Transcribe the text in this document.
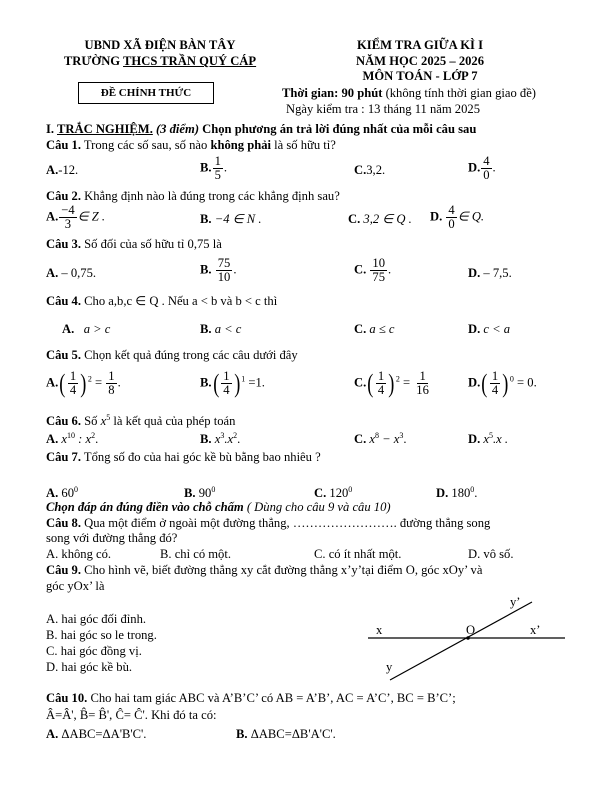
UBND XÃ ĐIỆN BÀN TÂY
TRƯỜNG THCS TRẦN QUÝ CÁP
ĐỀ CHÍNH THỨC
KIỂM TRA GIỮA KÌ I
NĂM HỌC 2025 – 2026
MÔN TOÁN - LỚP 7
Thời gian: 90 phút (không tính thời gian giao đề)
Ngày kiểm tra : 13 tháng 11 năm 2025
I. TRẮC NGHIỆM. (3 điểm) Chọn phương án trả lời đúng nhất của mỗi câu sau
Câu 1. Trong các số sau, số nào không phải là số hữu tỉ?
A.-12.	B. $\frac{1}{5}$ .	C.3,2.	D. $\frac{4}{0}$ .
Câu 2. Khẳng định nào là đúng trong các khẳng định sau?
A. $\frac{-4}{3}$ ∈ Z .	B. −4 ∈ N .	C. 3,2 ∈ Q . D. $\frac{4}{0}$ ∈ Q.
Câu 3. Số đối của số hữu tỉ 0,75 là
A. – 0,75.	B. $\frac{75}{10}$ .	C. $\frac{10}{75}$ .	D. – 7,5.
Câu 4. Cho a,b,c ∈ Q . Nếu a < b và b < c thì
A. a > c	B. a < c	C. a ≤ c	D. c < a
Câu 5. Chọn kết quả đúng trong các câu dưới đây
A. ( $\frac{1}{4}$ ) $^2 = \frac{1}{8}$ .	B. ( $\frac{1}{4}$ ) $^1$ =1.	C. ( $\frac{1}{4}$ ) $^2 = \frac{1}{16}$	D. ( $\frac{1}{4}$ ) $^0$ = 0.
Câu 6. Số $x^5$ là kết quả của phép toán
A. $x^{10}$ : $x^2$.	B. $x^3.x^2$.	C. $x^8 - x^3$.	D. $x^5.x$ .
Câu 7. Tổng số đo của hai góc kề bù bằng bao nhiêu ?
A. $60^0$	B. $90^0$	C. $120^0$	D. $180^0$.
Chọn đáp án đúng điền vào chỗ chấm ( Dùng cho câu 9 và câu 10)
Câu 8. Qua một điểm ở ngoài một đường thẳng, ……………………. đường thẳng song
song với đường thẳng đó?
A. không có.	B. chỉ có một.	C. có ít nhất một.	D. vô số.
Câu 9. Cho hình vẽ, biết đường thẳng xy cắt đường thẳng x’y’tại điểm O, góc xOy’ và
góc yOx’ là
A. hai góc đối đỉnh.
B. hai góc so le trong.
C. hai góc đồng vị.
D. hai góc kề bù.
y’
x	O	x’
y
Câu 10. Cho hai tam giác ABC và A’B’C’ có AB = A’B’, AC = A’C’, BC = B’C’;
Â=Â', B̂= B̂', Ĉ= Ĉ'. Khi đó ta có:
A. ΔABC=ΔA'B'C'.	B. ΔABC=ΔB'A'C'.
